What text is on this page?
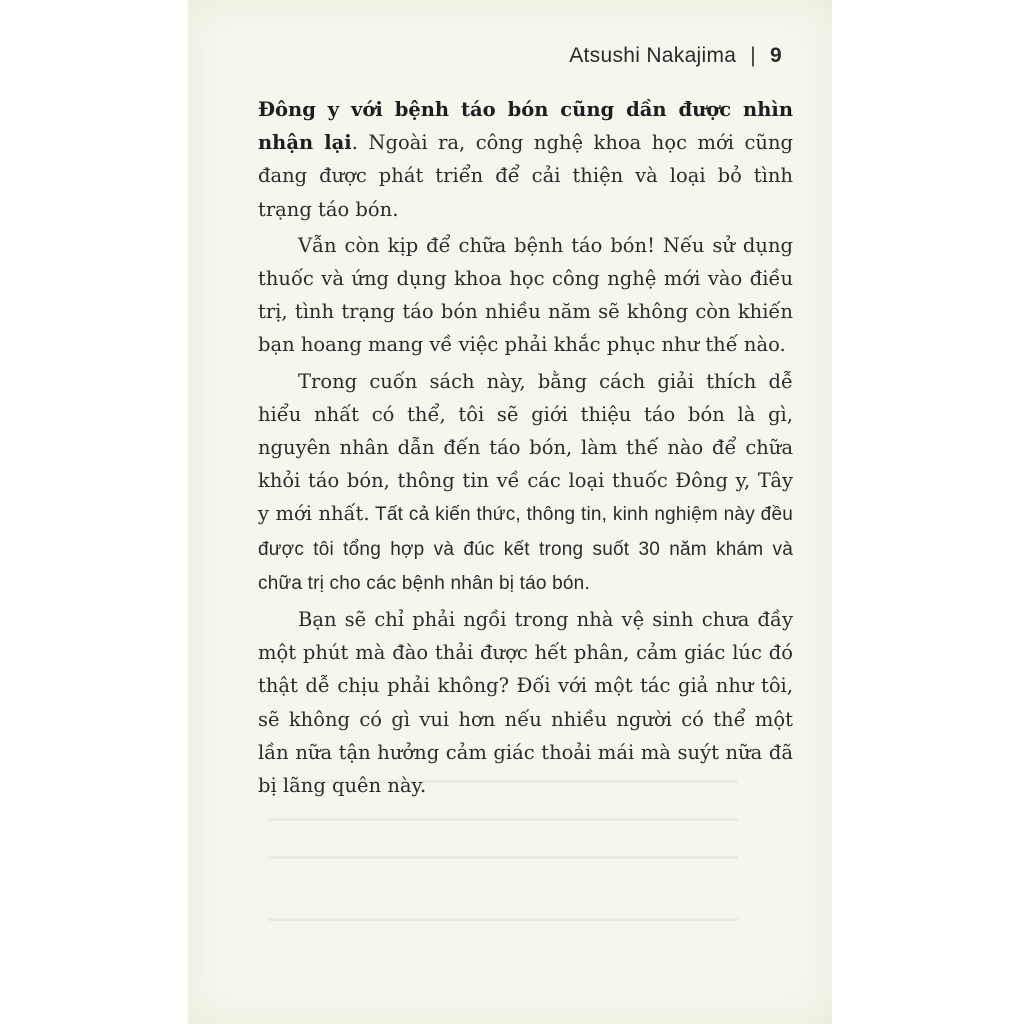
Atsushi Nakajima | 9

Đông y với bệnh táo bón cũng dần được nhìn nhận lại. Ngoài ra, công nghệ khoa học mới cũng đang được phát triển để cải thiện và loại bỏ tình trạng táo bón.

Vẫn còn kịp để chữa bệnh táo bón! Nếu sử dụng thuốc và ứng dụng khoa học công nghệ mới vào điều trị, tình trạng táo bón nhiều năm sẽ không còn khiến bạn hoang mang về việc phải khắc phục như thế nào.

Trong cuốn sách này, bằng cách giải thích dễ hiểu nhất có thể, tôi sẽ giới thiệu táo bón là gì, nguyên nhân dẫn đến táo bón, làm thế nào để chữa khỏi táo bón, thông tin về các loại thuốc Đông y, Tây y mới nhất. Tất cả kiến thức, thông tin, kinh nghiệm này đều được tôi tổng hợp và đúc kết trong suốt 30 năm khám và chữa trị cho các bệnh nhân bị táo bón.

Bạn sẽ chỉ phải ngồi trong nhà vệ sinh chưa đầy một phút mà đào thải được hết phân, cảm giác lúc đó thật dễ chịu phải không? Đối với một tác giả như tôi, sẽ không có gì vui hơn nếu nhiều người có thể một lần nữa tận hưởng cảm giác thoải mái mà suýt nữa đã bị lãng quên này.
